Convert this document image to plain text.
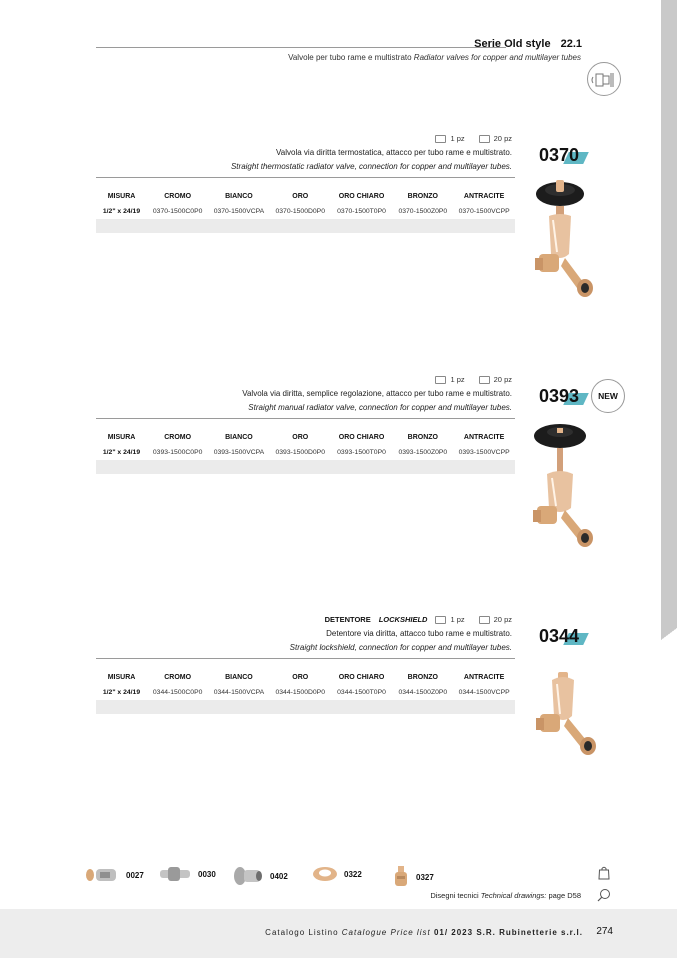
Serie Old style 22.1
Valvole per tubo rame e multistrato Radiator valves for copper and multilayer tubes
1 pz	20 pz
Valvola via diritta termostatica, attacco per tubo rame e multistrato.
Straight thermostatic radiator valve, connection for copper and multilayer tubes.
MISURA	CROMO	BIANCO	ORO	ORO CHIARO	BRONZO	ANTRACITE
1/2" x 24/19	0370-1500C0P0	0370-1500VCPA	0370-1500D0P0	0370-1500T0P0	0370-1500Z0P0	0370-1500VCPP
0370
1 pz	20 pz
Valvola via diritta, semplice regolazione, attacco per tubo rame e multistrato.
Straight manual radiator valve, connection for copper and multilayer tubes.
MISURA	CROMO	BIANCO	ORO	ORO CHIARO	BRONZO	ANTRACITE
1/2" x 24/19	0393-1500C0P0	0393-1500VCPA	0393-1500D0P0	0393-1500T0P0	0393-1500Z0P0	0393-1500VCPP
0393	NEW
DETENTORE LOCKSHIELD	1 pz	20 pz
Detentore via diritta, attacco tubo rame e multistrato.
Straight lockshield, connection for copper and multilayer tubes.
MISURA	CROMO	BIANCO	ORO	ORO CHIARO	BRONZO	ANTRACITE
1/2" x 24/19	0344-1500C0P0	0344-1500VCPA	0344-1500D0P0	0344-1500T0P0	0344-1500Z0P0	0344-1500VCPP
0344
0027	0030	0402	0322	0327
Disegni tecnici Technical drawings: page D58
Catalogo Listino Catalogue Price list 01/ 2023 S.R. Rubinetterie s.r.l. 274
